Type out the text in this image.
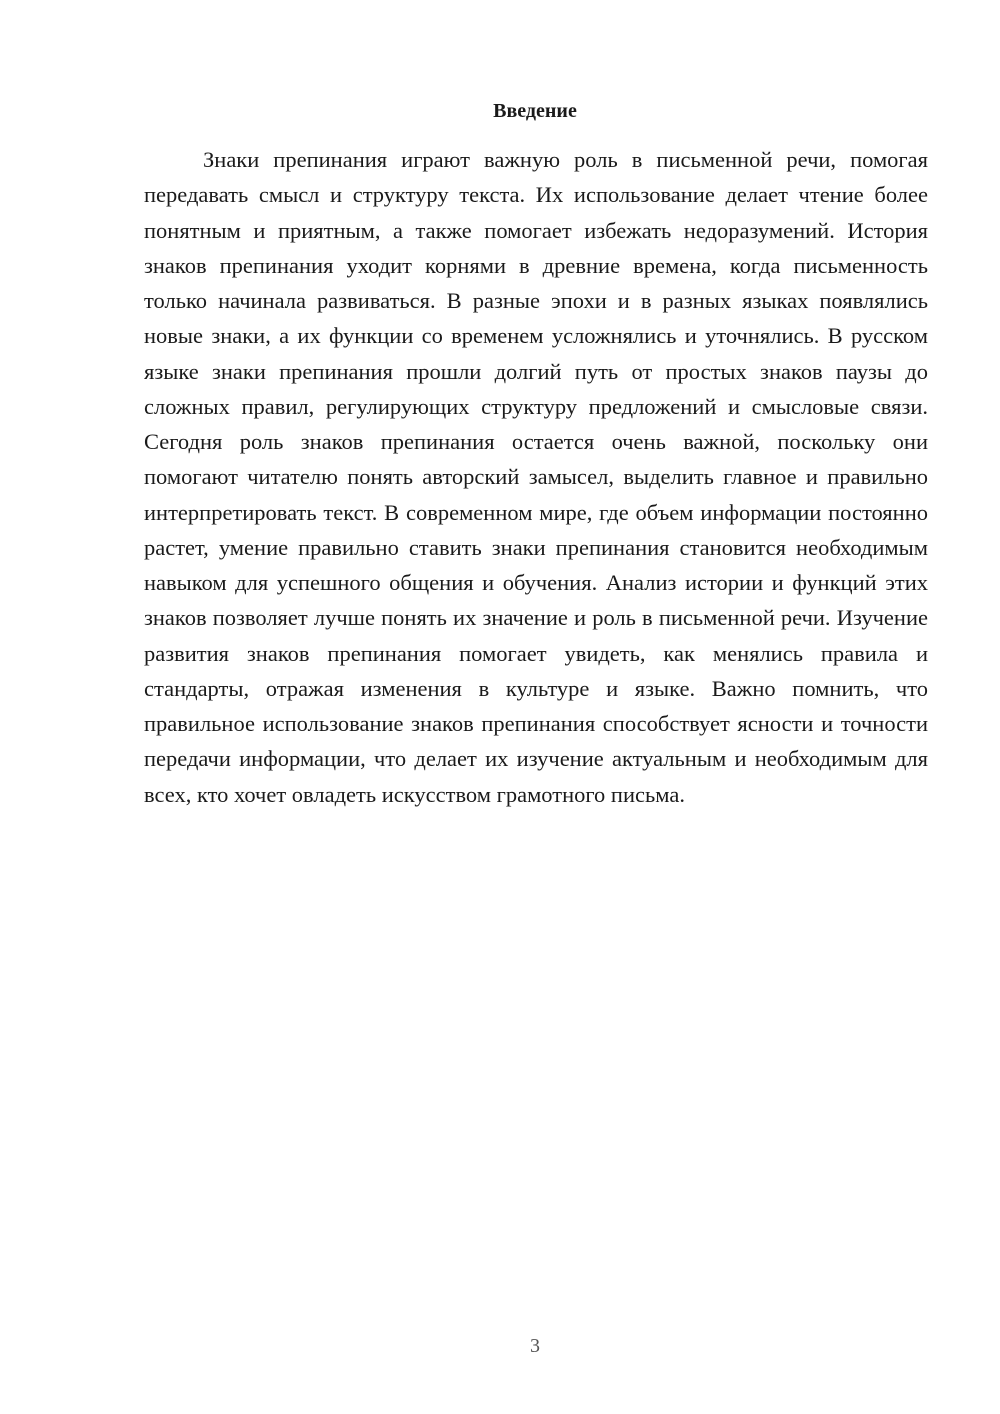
Введение

Знаки препинания играют важную роль в письменной речи, помогая передавать смысл и структуру текста. Их использование делает чтение более понятным и приятным, а также помогает избежать недоразумений. История знаков препинания уходит корнями в древние времена, когда письменность только начинала развиваться. В разные эпохи и в разных языках появлялись новые знаки, а их функции со временем усложнялись и уточнялись. В русском языке знаки препинания прошли долгий путь от простых знаков паузы до сложных правил, регулирующих структуру предложений и смысловые связи. Сегодня роль знаков препинания остается очень важной, поскольку они помогают читателю понять авторский замысел, выделить главное и правильно интерпретировать текст. В современном мире, где объем информации постоянно растет, умение правильно ставить знаки препинания становится необходимым навыком для успешного общения и обучения. Анализ истории и функций этих знаков позволяет лучше понять их значение и роль в письменной речи. Изучение развития знаков препинания помогает увидеть, как менялись правила и стандарты, отражая изменения в культуре и языке. Важно помнить, что правильное использование знаков препинания способствует ясности и точности передачи информации, что делает их изучение актуальным и необходимым для всех, кто хочет овладеть искусством грамотного письма.

3
